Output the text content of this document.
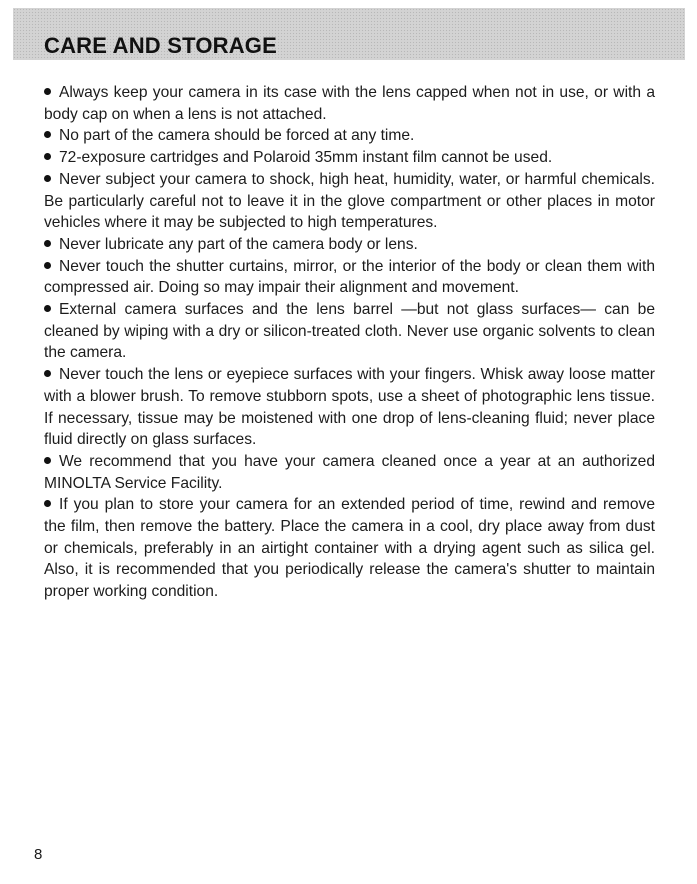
CARE AND STORAGE

Always keep your camera in its case with the lens capped when not in use, or with a body cap on when a lens is not attached.

No part of the camera should be forced at any time.

72-exposure cartridges and Polaroid 35mm instant film cannot be used.

Never subject your camera to shock, high heat, humidity, water, or harmful chemicals. Be particularly careful not to leave it in the glove compartment or other places in motor vehicles where it may be subjected to high temperatures.

Never lubricate any part of the camera body or lens.

Never touch the shutter curtains, mirror, or the interior of the body or clean them with compressed air. Doing so may impair their alignment and movement.

External camera surfaces and the lens barrel —but not glass surfaces— can be cleaned by wiping with a dry or silicon-treated cloth. Never use organic solvents to clean the camera.

Never touch the lens or eyepiece surfaces with your fingers. Whisk away loose matter with a blower brush. To remove stubborn spots, use a sheet of photographic lens tissue. If necessary, tissue may be moistened with one drop of lens-cleaning fluid; never place fluid directly on glass surfaces.

We recommend that you have your camera cleaned once a year at an authorized MINOLTA Service Facility.

If you plan to store your camera for an extended period of time, rewind and remove the film, then remove the battery. Place the camera in a cool, dry place away from dust or chemicals, preferably in an airtight container with a drying agent such as silica gel. Also, it is recommended that you periodically release the camera's shutter to maintain proper working condition.

8
